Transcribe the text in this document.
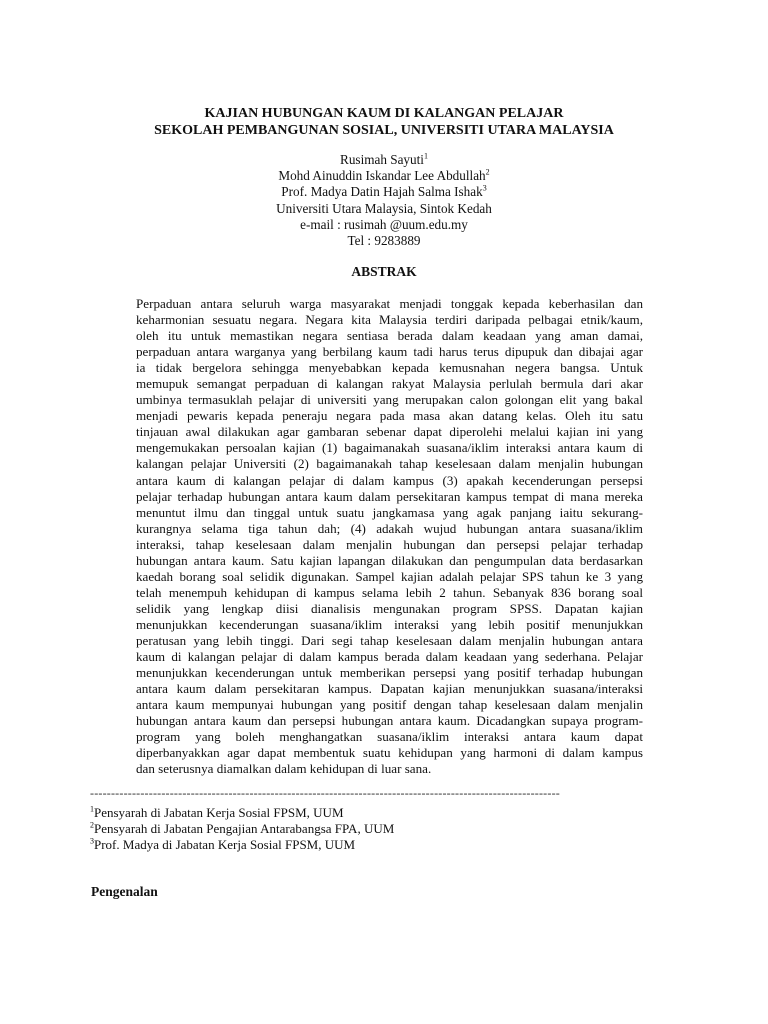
KAJIAN HUBUNGAN KAUM DI KALANGAN PELAJAR
SEKOLAH PEMBANGUNAN SOSIAL, UNIVERSITI UTARA MALAYSIA
Rusimah Sayuti$^1$
Mohd Ainuddin Iskandar Lee Abdullah$^2$
Prof. Madya Datin Hajah Salma Ishak$^3$
Universiti Utara Malaysia, Sintok Kedah
e-mail : rusimah @uum.edu.my
Tel : 9283889
ABSTRAK
Perpaduan antara seluruh warga masyarakat menjadi tonggak kepada keberhasilan dan
keharmonian sesuatu negara. Negara kita Malaysia terdiri daripada pelbagai etnik/kaum,
oleh itu untuk memastikan negara sentiasa berada dalam keadaan yang aman damai,
perpaduan antara warganya yang berbilang kaum tadi harus terus dipupuk dan dibajai agar
ia tidak bergelora sehingga menyebabkan kepada kemusnahan negera bangsa. Untuk
memupuk semangat perpaduan di kalangan rakyat Malaysia perlulah bermula dari akar
umbinya termasuklah pelajar di universiti yang merupakan calon golongan elit yang bakal
menjadi pewaris kepada peneraju negara pada masa akan datang kelas. Oleh itu satu
tinjauan awal dilakukan agar gambaran sebenar dapat diperolehi melalui kajian ini yang
mengemukakan persoalan kajian (1) bagaimanakah suasana/iklim interaksi antara kaum di
kalangan pelajar Universiti (2) bagaimanakah tahap keselesaan dalam menjalin hubungan
antara kaum di kalangan pelajar di dalam kampus (3) apakah kecenderungan persepsi
pelajar terhadap hubungan antara kaum dalam persekitaran kampus tempat di mana mereka
menuntut ilmu dan tinggal untuk suatu jangkamasa yang agak panjang iaitu sekurang-
kurangnya selama tiga tahun dah; (4) adakah wujud hubungan antara suasana/iklim
interaksi, tahap keselesaan dalam menjalin hubungan dan persepsi pelajar terhadap
hubungan antara kaum. Satu kajian lapangan dilakukan dan pengumpulan data berdasarkan
kaedah borang soal selidik digunakan. Sampel kajian adalah pelajar SPS tahun ke 3 yang
telah menempuh kehidupan di kampus selama lebih 2 tahun. Sebanyak 836 borang soal
selidik yang lengkap diisi dianalisis mengunakan program SPSS. Dapatan kajian
menunjukkan kecenderungan suasana/iklim interaksi yang lebih positif menunjukkan
peratusan yang lebih tinggi. Dari segi tahap keselesaan dalam menjalin hubungan antara
kaum di kalangan pelajar di dalam kampus berada dalam keadaan yang sederhana. Pelajar
menunjukkan kecenderungan untuk memberikan persepsi yang positif terhadap hubungan
antara kaum dalam persekitaran kampus. Dapatan kajian menunjukkan suasana/interaksi
antara kaum mempunyai hubungan yang positif dengan tahap keselesaan dalam menjalin
hubungan antara kaum dan persepsi hubungan antara kaum. Dicadangkan supaya program-
program yang boleh menghangatkan suasana/iklim interaksi antara kaum dapat
diperbanyakkan agar dapat membentuk suatu kehidupan yang harmoni di dalam kampus
dan seterusnya diamalkan dalam kehidupan di luar sana.
----------------------------------------------------------------------------------------------------------------
$^1$Pensyarah di Jabatan Kerja Sosial FPSM, UUM
$^2$Pensyarah di Jabatan Pengajian Antarabangsa FPA, UUM
$^3$Prof. Madya di Jabatan Kerja Sosial FPSM, UUM
Pengenalan
